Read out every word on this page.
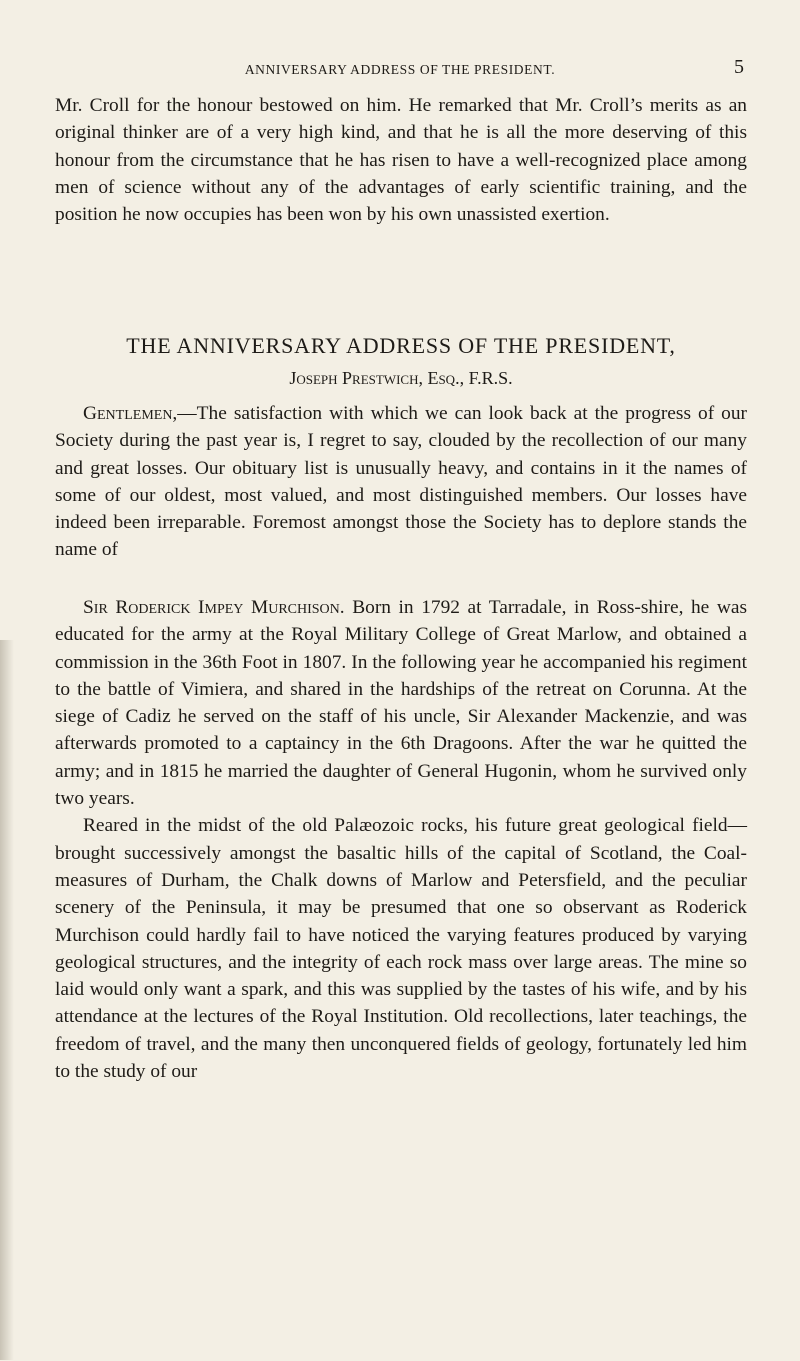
ANNIVERSARY ADDRESS OF THE PRESIDENT.	5

Mr. Croll for the honour bestowed on him. He remarked that Mr. Croll’s merits as an original thinker are of a very high kind, and that he is all the more deserving of this honour from the circumstance that he has risen to have a well-recognized place among men of science without any of the advantages of early scientific training, and the position he now occupies has been won by his own unassisted exertion.

THE ANNIVERSARY ADDRESS OF THE PRESIDENT,
Joseph Prestwich, Esq., F.R.S.

Gentlemen,—The satisfaction with which we can look back at the progress of our Society during the past year is, I regret to say, clouded by the recollection of our many and great losses. Our obituary list is unusually heavy, and contains in it the names of some of our oldest, most valued, and most distinguished members. Our losses have indeed been irreparable. Foremost amongst those the Society has to deplore stands the name of

Sir Roderick Impey Murchison. Born in 1792 at Tarradale, in Ross-shire, he was educated for the army at the Royal Military College of Great Marlow, and obtained a commission in the 36th Foot in 1807. In the following year he accompanied his regiment to the battle of Vimiera, and shared in the hardships of the retreat on Corunna. At the siege of Cadiz he served on the staff of his uncle, Sir Alexander Mackenzie, and was afterwards promoted to a captaincy in the 6th Dragoons. After the war he quitted the army; and in 1815 he married the daughter of General Hugonin, whom he survived only two years.

Reared in the midst of the old Palæozoic rocks, his future great geological field—brought successively amongst the basaltic hills of the capital of Scotland, the Coal-measures of Durham, the Chalk downs of Marlow and Petersfield, and the peculiar scenery of the Peninsula, it may be presumed that one so observant as Roderick Murchison could hardly fail to have noticed the varying features produced by varying geological structures, and the integrity of each rock mass over large areas. The mine so laid would only want a spark, and this was supplied by the tastes of his wife, and by his attendance at the lectures of the Royal Institution. Old recollections, later teachings, the freedom of travel, and the many then unconquered fields of geology, fortunately led him to the study of our
